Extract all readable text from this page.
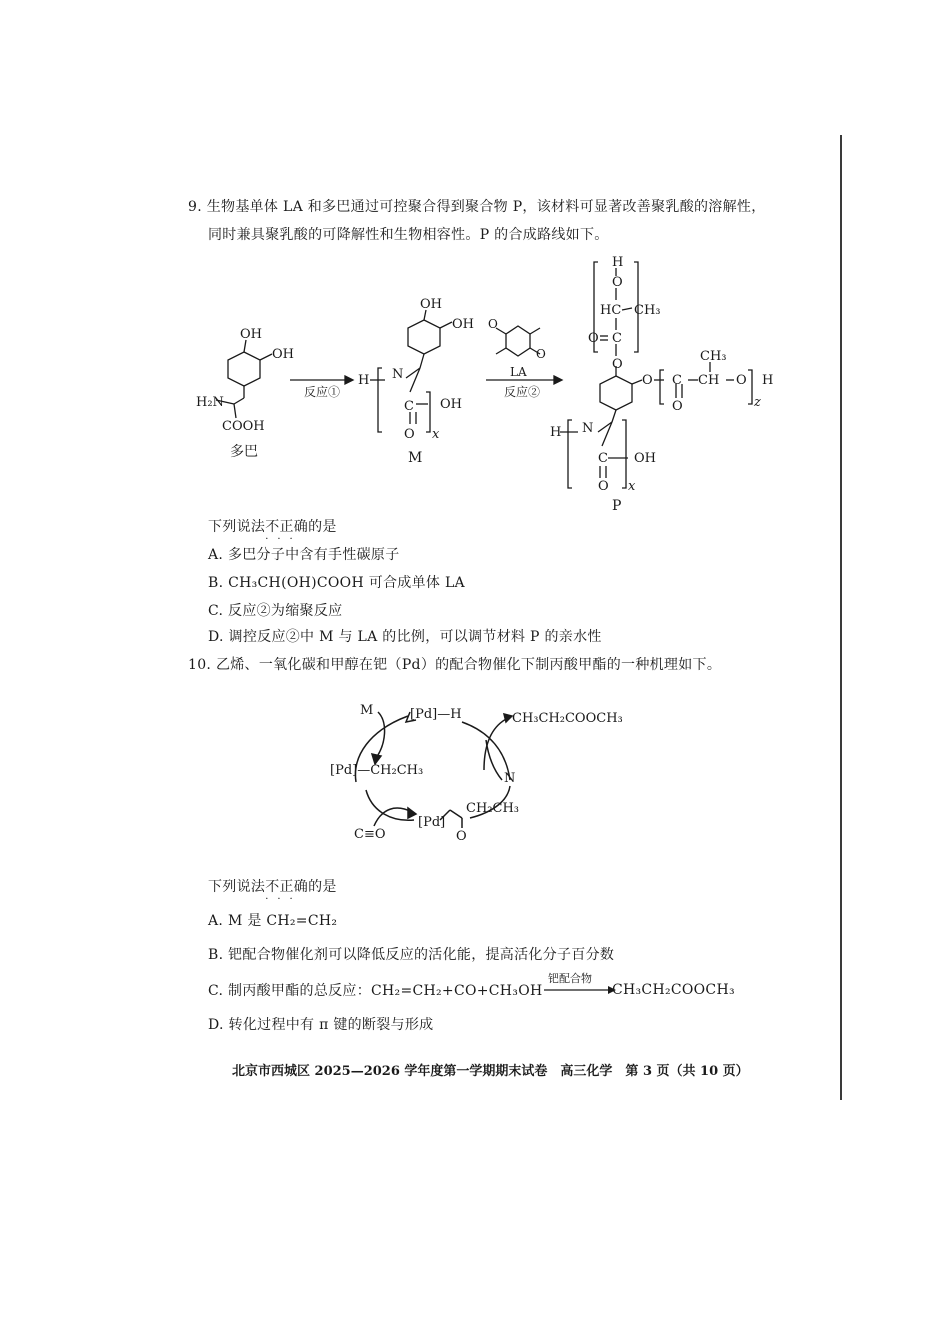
9. 生物基单体 LA 和多巴通过可控聚合得到聚合物 P，该材料可显著改善聚乳酸的溶解性，
同时兼具聚乳酸的可降解性和生物相容性。P 的合成路线如下。
OH
OH
H₂N
COOH
多巴
反应①
OH
OH
H N
C
O
OH
x
M
O
O
LA
反应②
H
O
HC CH₃
O C
O
O C
O
CH
CH₃
O H
z
H N
C
O
OH
x
P
下列说法不正确
···
的是
A. 多巴分子中含有手性碳原子
B. CH₃CH(OH)COOH 可合成单体 LA
C. 反应②为缩聚反应
D. 调控反应②中 M 与 LA 的比例，可以调节材料 P 的亲水性
10. 乙烯、一氧化碳和甲醇在钯（Pd）的配合物催化下制丙酸甲酯的一种机理如下。
[Pd]—H
M
[Pd]—CH₂CH₃
[Pd]
CH₂CH₃
O
C≡O
N
CH₃CH₂COOCH₃
下列说法不正确
···
的是
A. M 是 CH₂=CH₂
B. 钯配合物催化剂可以降低反应的活化能，提高活化分子百分数
C. 制丙酸甲酯的总反应：CH₂=CH₂+CO+CH₃OH
钯配合物
CH₃CH₂COOCH₃
D. 转化过程中有 π 键的断裂与形成
北京市西城区 2025—2026 学年度第一学期期末试卷　高三化学　第 3 页（共 10 页）
